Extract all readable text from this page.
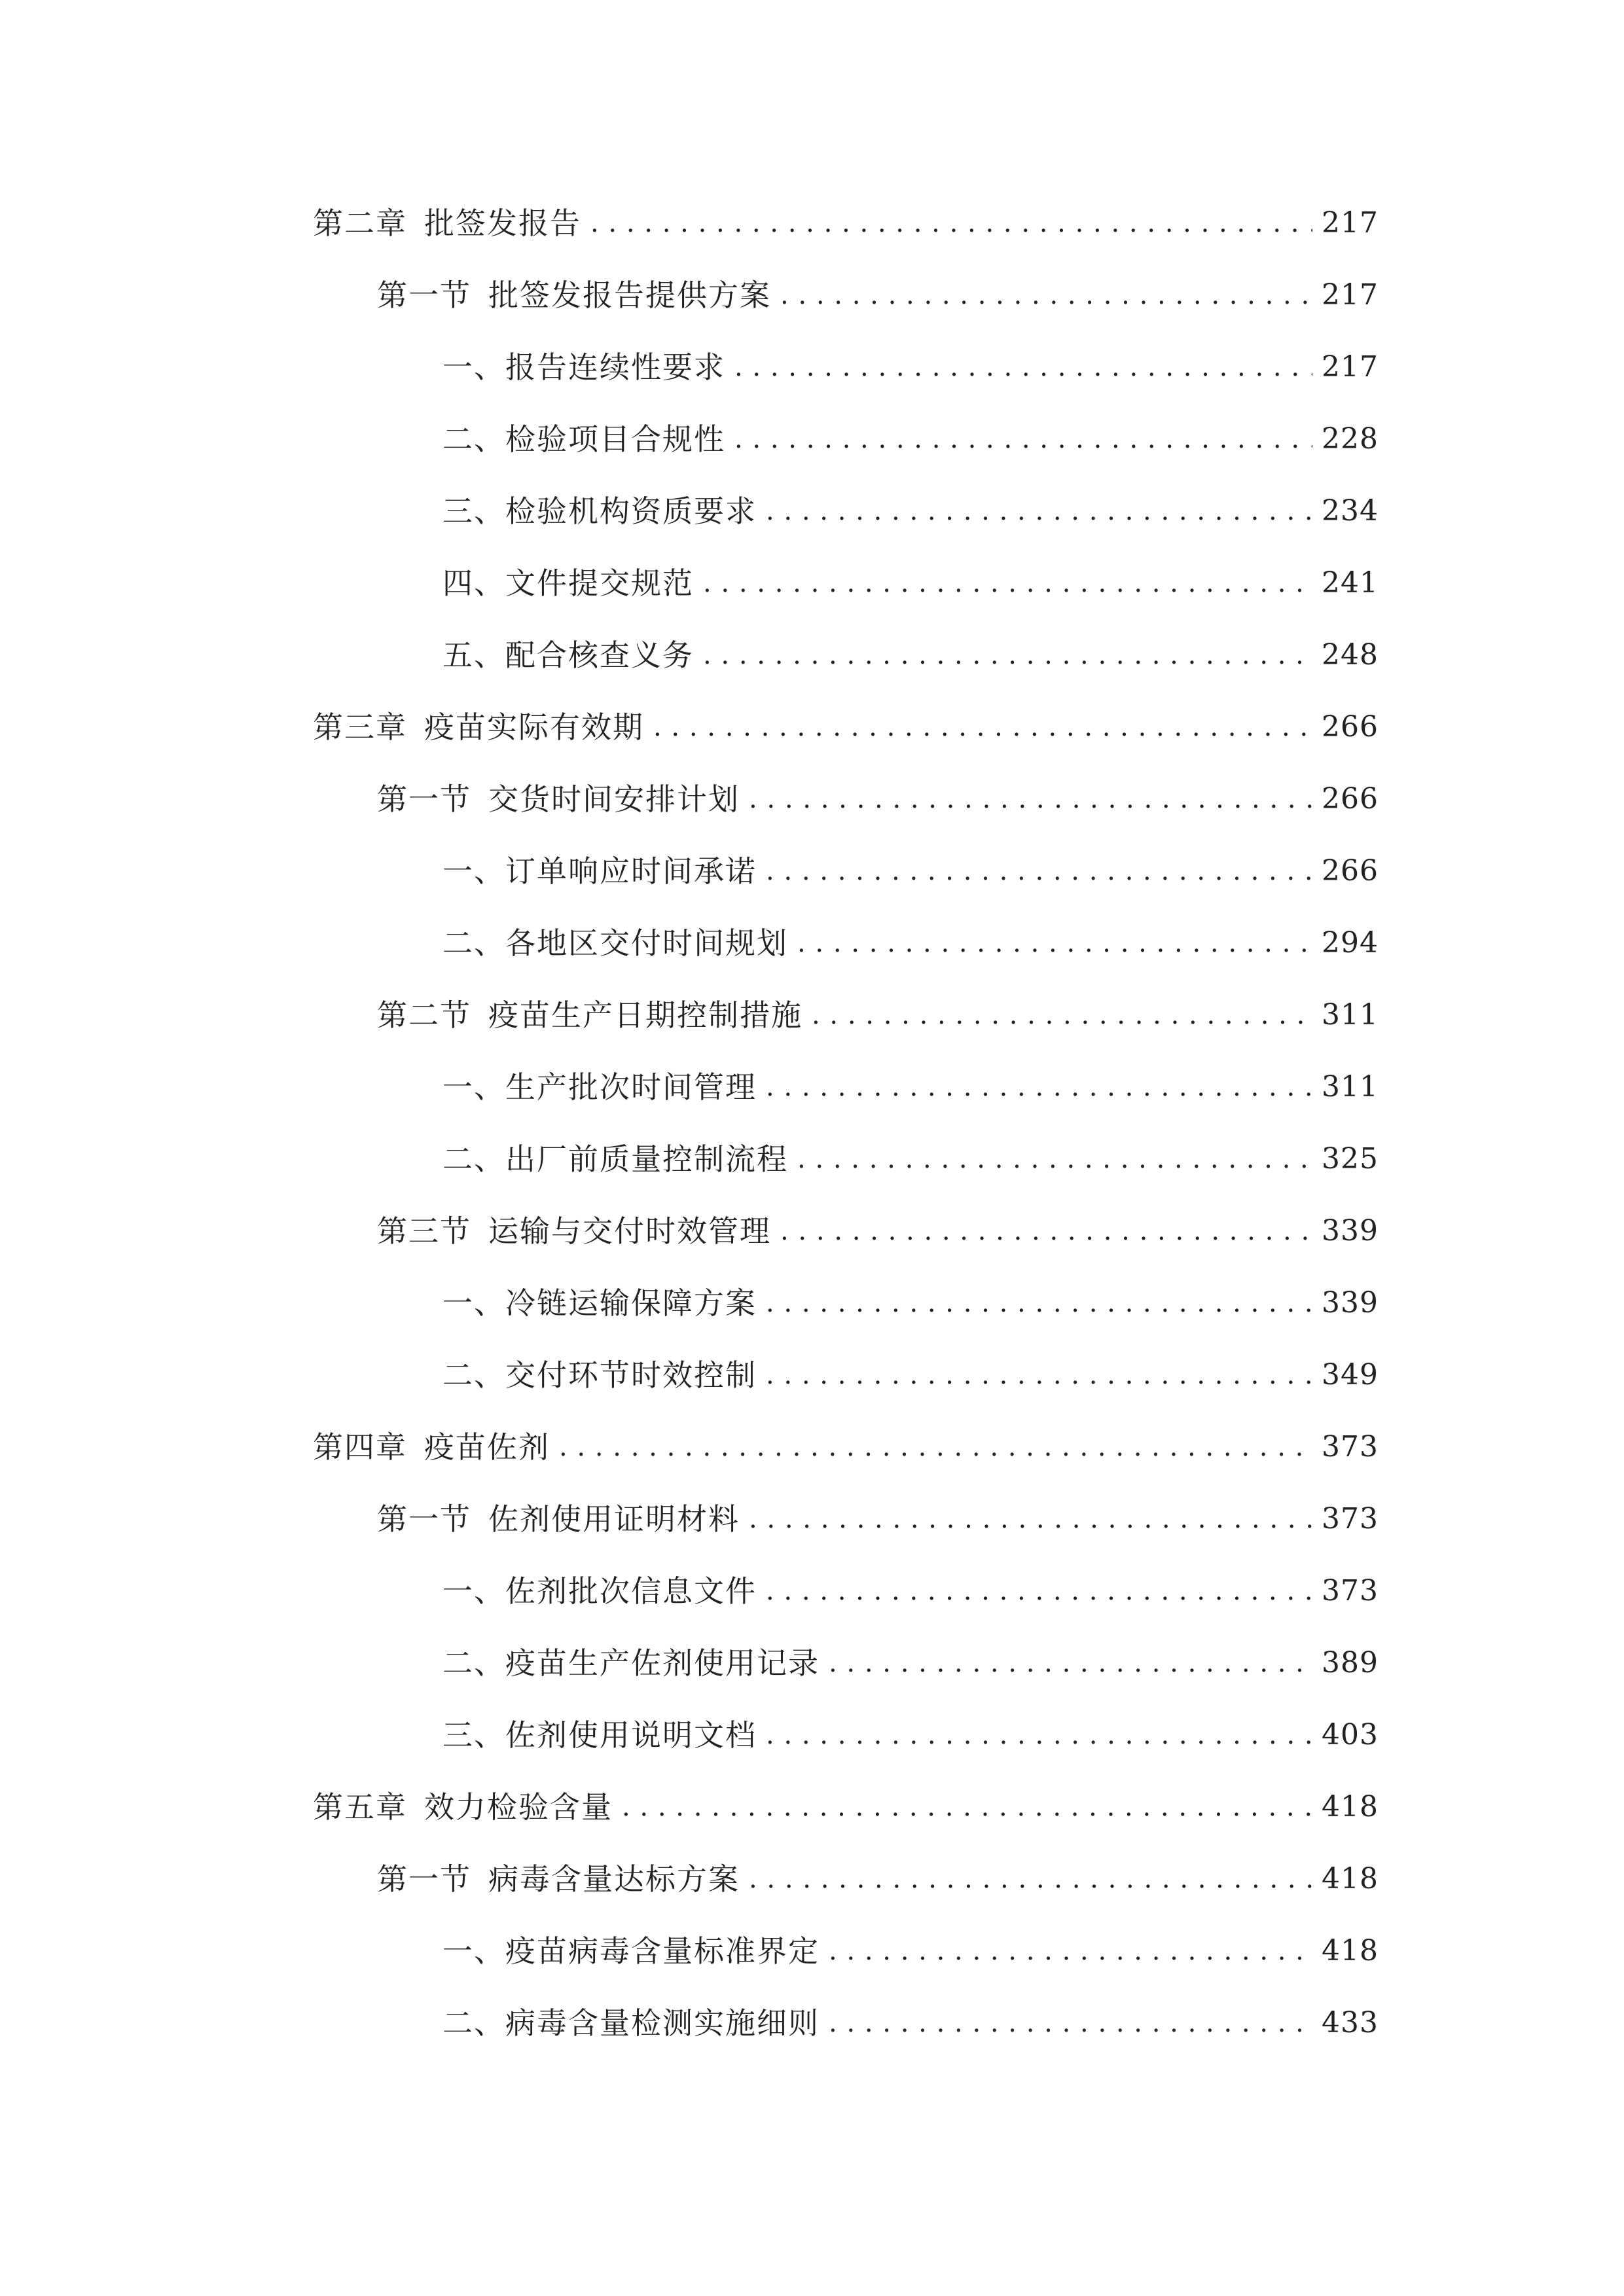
第二章 批签发报告 . . .	217
第一节 批签发报告提供方案 . . .	217
一、 报告连续性要求 . . .	217
二、 检验项目合规性 . . .	228
三、 检验机构资质要求 . . .	234
四、 文件提交规范 . . .	241
五、 配合核查义务 . . .	248
第三章 疫苗实际有效期 . . .	266
第一节 交货时间安排计划 . . .	266
一、 订单响应时间承诺 . . .	266
二、 各地区交付时间规划 . . .	294
第二节 疫苗生产日期控制措施 . . .	311
一、 生产批次时间管理 . . .	311
二、 出厂前质量控制流程 . . .	325
第三节 运输与交付时效管理 . . .	339
一、 冷链运输保障方案 . . .	339
二、 交付环节时效控制 . . .	349
第四章 疫苗佐剂 . . .	373
第一节 佐剂使用证明材料 . . .	373
一、 佐剂批次信息文件 . . .	373
二、 疫苗生产佐剂使用记录 . . .	389
三、 佐剂使用说明文档 . . .	403
第五章 效力检验含量 . . .	418
第一节 病毒含量达标方案 . . .	418
一、 疫苗病毒含量标准界定 . . .	418
二、 病毒含量检测实施细则 . . .	433
